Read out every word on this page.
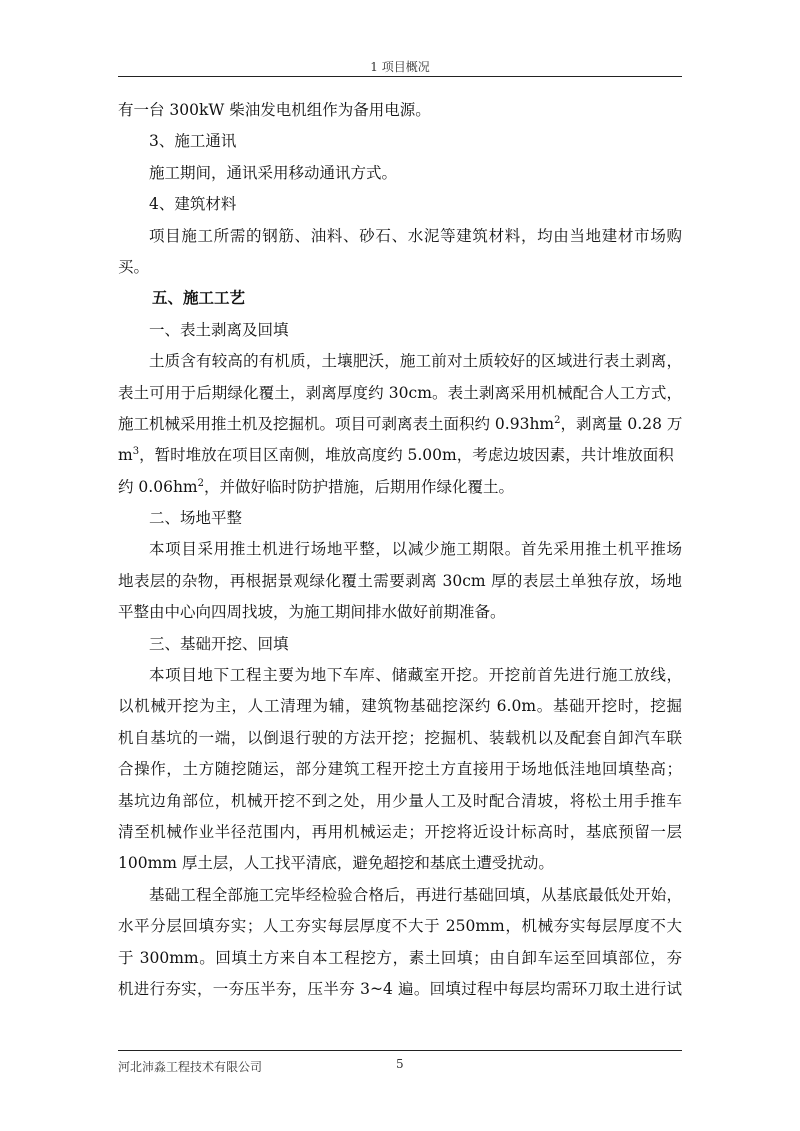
1 项目概况
有一台 300kW 柴油发电机组作为备用电源。
3、施工通讯
施工期间，通讯采用移动通讯方式。
4、建筑材料
项目施工所需的钢筋、油料、砂石、水泥等建筑材料，均由当地建材市场购
买。
五、施工工艺
一、表土剥离及回填
土质含有较高的有机质，土壤肥沃，施工前对土质较好的区域进行表土剥离，
表土可用于后期绿化覆土，剥离厚度约 30cm。表土剥离采用机械配合人工方式，
施工机械采用推土机及挖掘机。项目可剥离表土面积约 $0.93hm^2$，剥离量 0.28 万
$m^3$，暂时堆放在项目区南侧，堆放高度约 5.00m，考虑边坡因素，共计堆放面积
约 $0.06hm^2$，并做好临时防护措施，后期用作绿化覆土。
二、场地平整
本项目采用推土机进行场地平整，以减少施工期限。首先采用推土机平推场
地表层的杂物，再根据景观绿化覆土需要剥离 30cm 厚的表层土单独存放，场地
平整由中心向四周找坡，为施工期间排水做好前期准备。
三、基础开挖、回填
本项目地下工程主要为地下车库、储藏室开挖。开挖前首先进行施工放线，
以机械开挖为主，人工清理为辅，建筑物基础挖深约 6.0m。基础开挖时，挖掘
机自基坑的一端，以倒退行驶的方法开挖；挖掘机、装载机以及配套自卸汽车联
合操作，土方随挖随运，部分建筑工程开挖土方直接用于场地低洼地回填垫高；
基坑边角部位，机械开挖不到之处，用少量人工及时配合清坡，将松土用手推车
清至机械作业半径范围内，再用机械运走；开挖将近设计标高时，基底预留一层
100mm 厚土层，人工找平清底，避免超挖和基底土遭受扰动。
基础工程全部施工完毕经检验合格后，再进行基础回填，从基底最低处开始，
水平分层回填夯实；人工夯实每层厚度不大于 250mm，机械夯实每层厚度不大
于 300mm。回填土方来自本工程挖方，素土回填；由自卸车运至回填部位，夯
机进行夯实，一夯压半夯，压半夯 3~4 遍。回填过程中每层均需环刀取土进行试
河北沛淼工程技术有限公司	5
